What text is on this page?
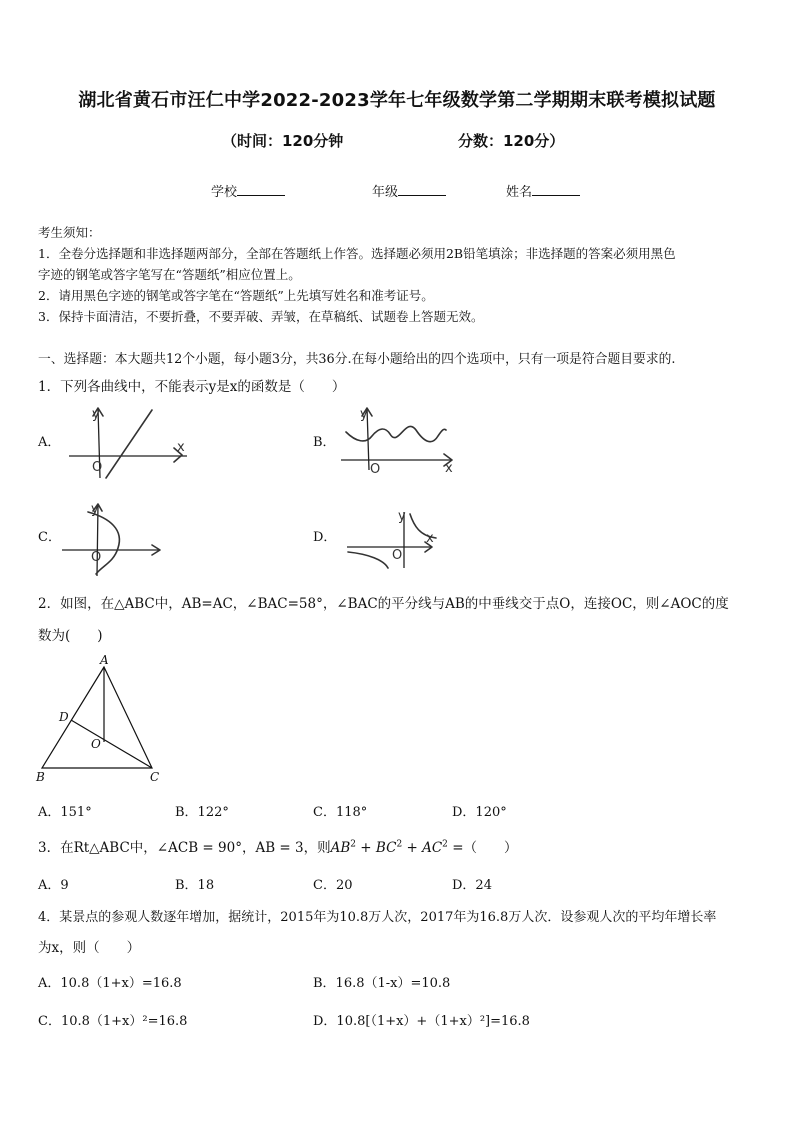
湖北省黄石市汪仁中学2022-2023学年七年级数学第二学期期末联考模拟试题
（时间：120分钟	分数：120分）
学校	年级	姓名
考生须知：
1．全卷分选择题和非选择题两部分，全部在答题纸上作答。选择题必须用2B铅笔填涂；非选择题的答案必须用黑色
字迹的钢笔或答字笔写在“答题纸”相应位置上。
2．请用黑色字迹的钢笔或答字笔在“答题纸”上先填写姓名和准考证号。
3．保持卡面清洁，不要折叠，不要弄破、弄皱，在草稿纸、试题卷上答题无效。
一、选择题：本大题共12个小题，每小题3分，共36分.在每小题给出的四个选项中，只有一项是符合题目要求的.
1．下列各曲线中，不能表示y是x的函数是（　　）
A．
y
x
O
B．
y
x
O
C．
y
O
D．
y
x
O
2．如图，在△ABC中，AB=AC，∠BAC=58°，∠BAC的平分线与AB的中垂线交于点O，连接OC，则∠AOC的度
数为(　　)
A
D
O
B	C
A．151°	B．122°	C．118°	D．120°
3．在Rt△ABC中，∠ACB = 90°，AB = 3，则$AB^2 + BC^2 + AC^2$ =（　　）
A．9	B．18	C．20	D．24
4．某景点的参观人数逐年增加，据统计，2015年为10.8万人次，2017年为16.8万人次．设参观人次的平均年增长率
为x，则（　　）
A．10.8（1+x）=16.8	B．16.8（1-x）=10.8
C．10.8（1+x）²=16.8	D．10.8[（1+x）+（1+x）²]=16.8
